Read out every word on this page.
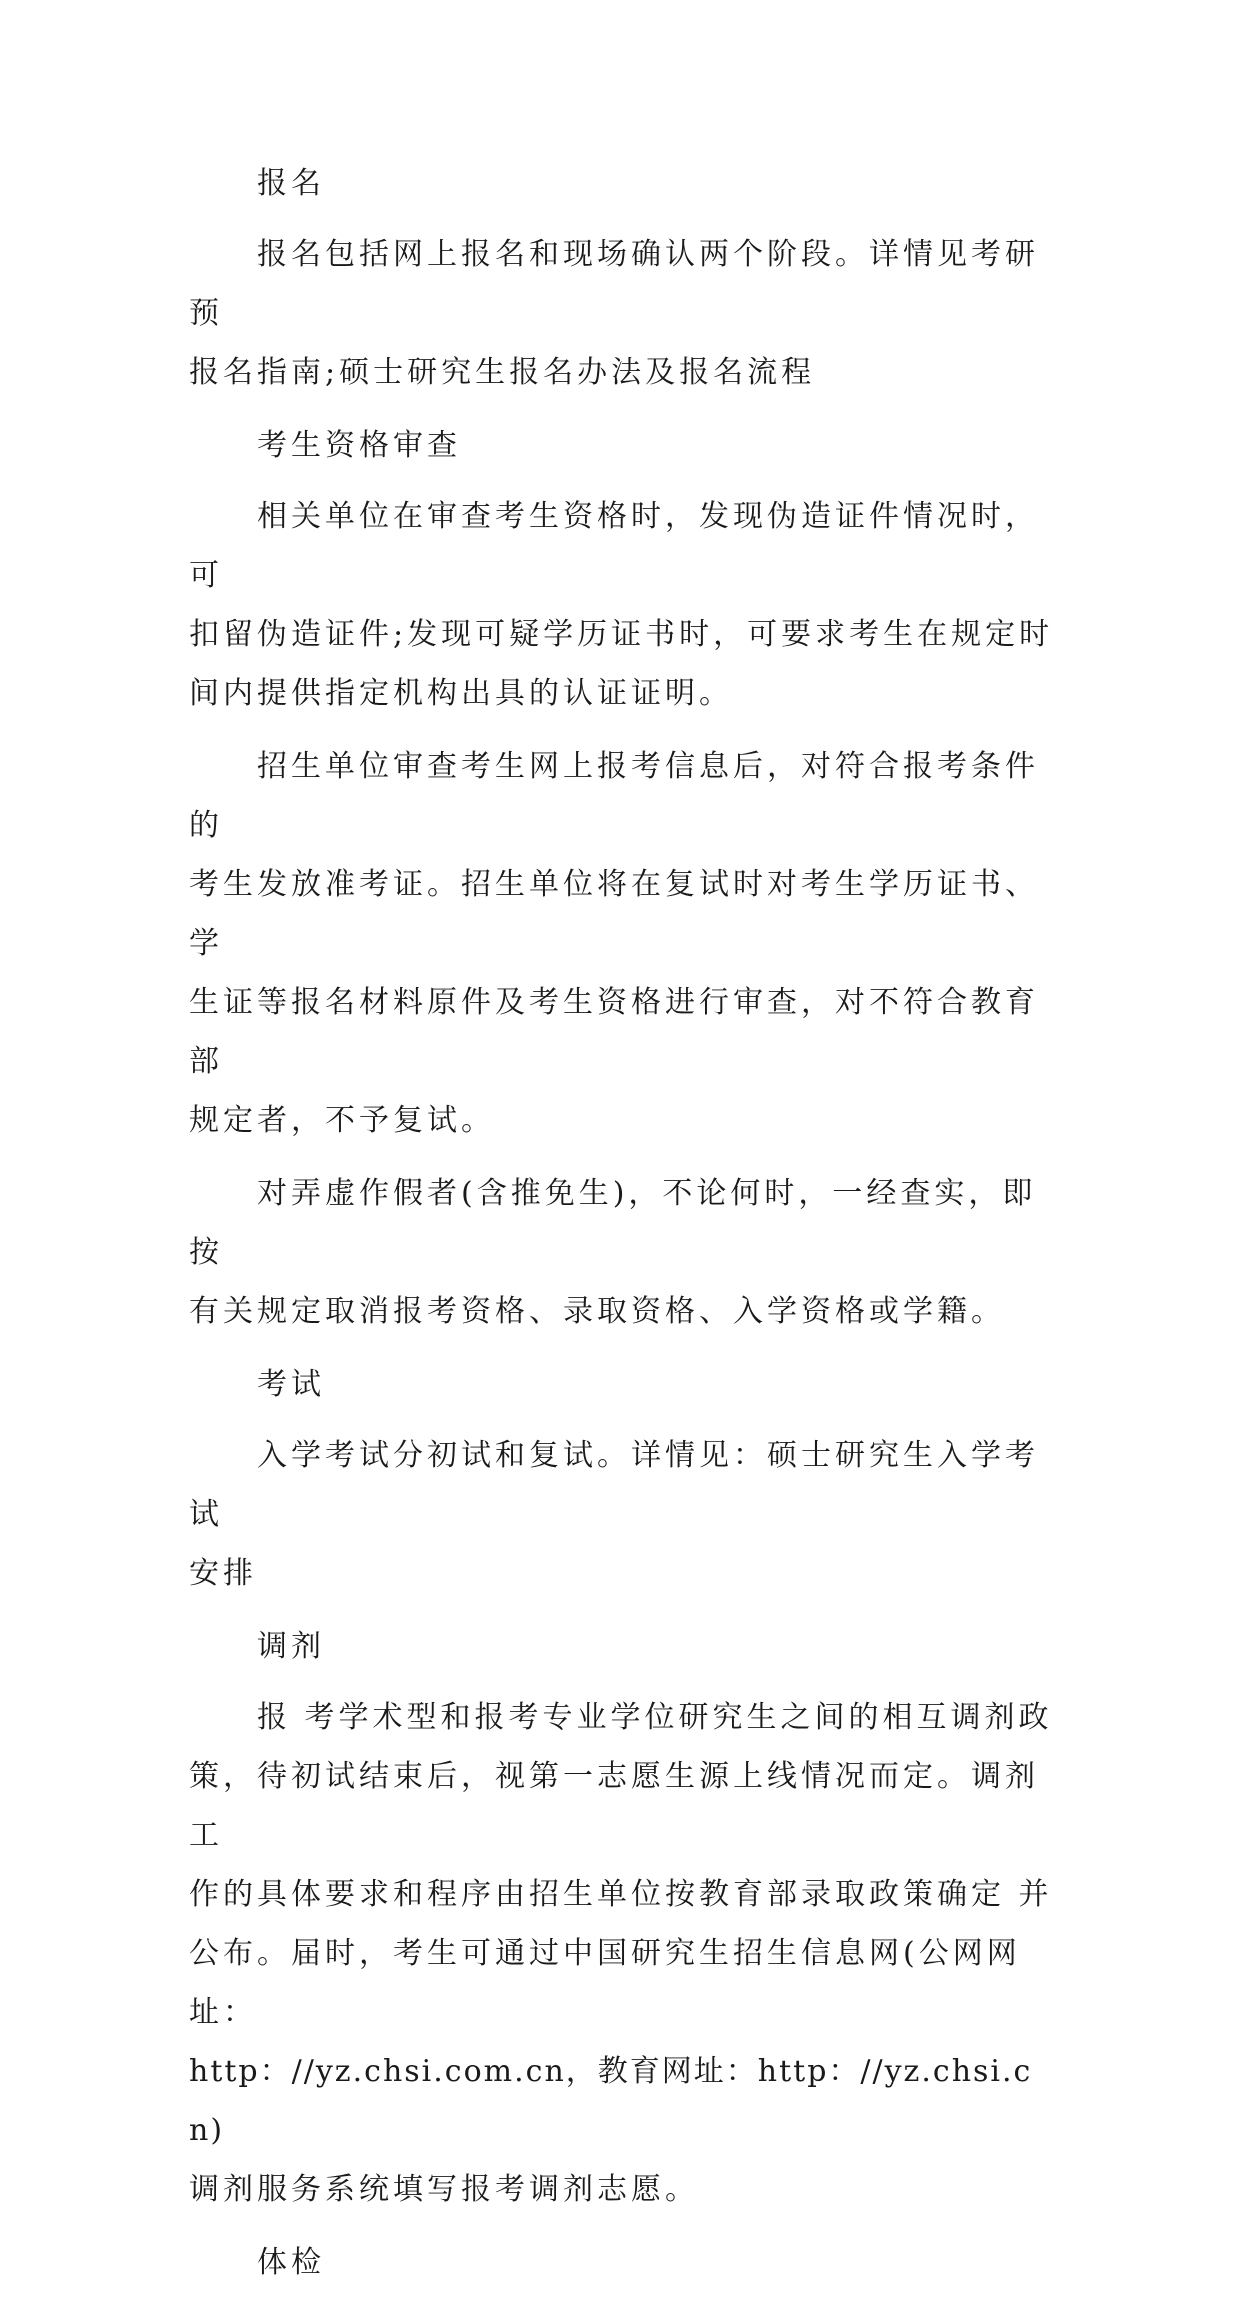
报名

报名包括网上报名和现场确认两个阶段。详情见考研预
报名指南;硕士研究生报名办法及报名流程

考生资格审查

相关单位在审查考生资格时，发现伪造证件情况时，可
扣留伪造证件;发现可疑学历证书时，可要求考生在规定时
间内提供指定机构出具的认证证明。

招生单位审查考生网上报考信息后，对符合报考条件的
考生发放准考证。招生单位将在复试时对考生学历证书、学
生证等报名材料原件及考生资格进行审查，对不符合教育部
规定者，不予复试。

对弄虚作假者(含推免生)，不论何时，一经查实，即按
有关规定取消报考资格、录取资格、入学资格或学籍。

考试

入学考试分初试和复试。详情见：硕士研究生入学考试
安排

调剂

报 考学术型和报考专业学位研究生之间的相互调剂政
策，待初试结束后，视第一志愿生源上线情况而定。调剂工
作的具体要求和程序由招生单位按教育部录取政策确定 并
公布。届时，考生可通过中国研究生招生信息网(公网网址：
http：//yz.chsi.com.cn，教育网址：http：//yz.chsi.cn)
调剂服务系统填写报考调剂志愿。

体检
